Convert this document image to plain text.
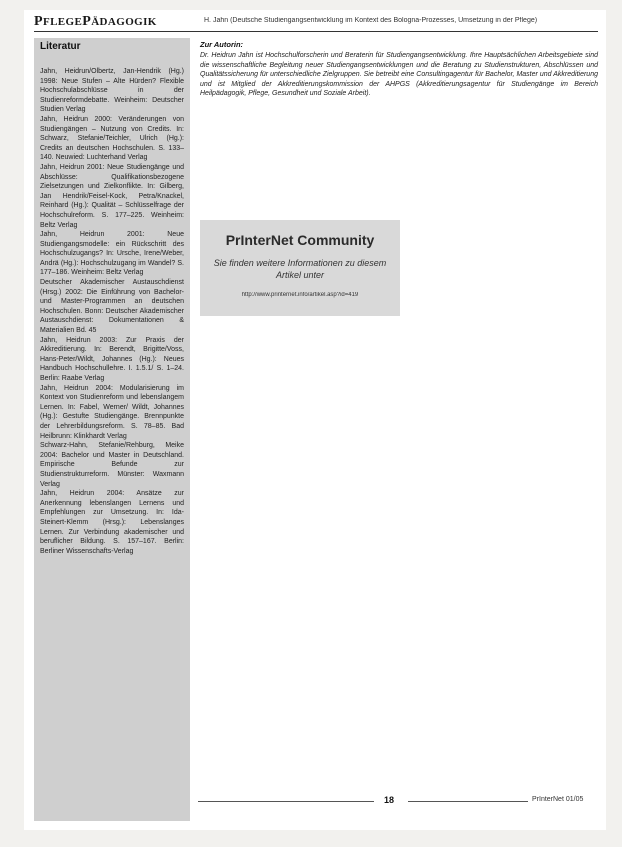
PFLEGEPÄDAGOGIK	H. Jahn (Deutsche Studiengangsentwicklung im Kontext des Bologna-Prozesses, Umsetzung in der Pflege)
Literatur

Jahn, Heidrun/Olbertz, Jan-Hendrik (Hg.) 1998: Neue Stufen – Alte Hürden? Flexible Hochschulabschlüsse in der Studienreformdebatte. Weinheim: Deutscher Studien Verlag

Jahn, Heidrun 2000: Veränderungen von Studiengängen – Nutzung von Credits. In: Schwarz, Stefanie/Teichler, Ulrich (Hg.): Credits an deutschen Hochschulen. S. 133–140. Neuwied: Luchterhand Verlag

Jahn, Heidrun 2001: Neue Studiengänge und Abschlüsse: Qualifikationsbezogene Zielsetzungen und Zielkonflikte. In: Gilberg, Jan Hendrik/Feisel-Kock, Petra/Knackel, Reinhard (Hg.): Qualität – Schlüsselfrage der Hochschulreform. S. 177–225. Weinheim: Beltz Verlag

Jahn, Heidrun 2001: Neue Studiengangsmodelle: ein Rückschritt des Hochschulzugangs? In: Ursche, Irene/Weber, Andrä (Hg.): Hochschulzugang im Wandel? S. 177–186. Weinheim: Beltz Verlag

Deutscher Akademischer Austauschdienst (Hrsg.) 2002: Die Einführung von Bachelor- und Master-Programmen an deutschen Hochschulen. Bonn: Deutscher Akademischer Austauschdienst: Dokumentationen & Materialien Bd. 45

Jahn, Heidrun 2003: Zur Praxis der Akkreditierung. In: Berendt, Brigitte/Voss, Hans-Peter/Wildt, Johannes (Hg.): Neues Handbuch Hochschullehre. I. 1.5.1/ S. 1–24. Berlin: Raabe Verlag

Jahn, Heidrun 2004: Modularisierung im Kontext von Studienreform und lebenslangem Lernen. In: Fabel, Werner/ Wildt, Johannes (Hg.): Gestufte Studiengänge. Brennpunkte der Lehrerbildungsreform. S. 78–85. Bad Heilbrunn: Klinkhardt Verlag

Schwarz-Hahn, Stefanie/Rehburg, Meike 2004: Bachelor und Master in Deutschland. Empirische Befunde zur Studienstrukturreform. Münster: Waxmann Verlag

Jahn, Heidrun 2004: Ansätze zur Anerkennung lebenslangen Lernens und Empfehlungen zur Umsetzung. In: Ida-Steinert-Klemm (Hrsg.): Lebenslanges Lernen. Zur Verbindung akademischer und beruflicher Bildung. S. 157–167. Berlin: Berliner Wissenschafts-Verlag

Zur Autorin:
Dr. Heidrun Jahn ist Hochschulforscherin und Beraterin für Studiengangsentwicklung. Ihre Hauptsächlichen Arbeitsgebiete sind die wissenschaftliche Begleitung neuer Studiengangsentwicklungen und die Beratung zu Studienstrukturen, Abschlüssen und Qualitätssicherung für unterschiedliche Zielgruppen. Sie betreibt eine Consultingagentur für Bachelor, Master und Akkreditierung und ist Mitglied der Akkreditierungskommission der AHPGS (Akkreditierungsagentur für Studiengänge im Bereich Heilpädagogik, Pflege, Gesundheit und Soziale Arbeit).
PrInterNet Community
Sie finden weitere Informationen zu diesem Artikel unter
http://www.printernet.info/artikel.asp?id=419
18	PrInterNet 01/05
